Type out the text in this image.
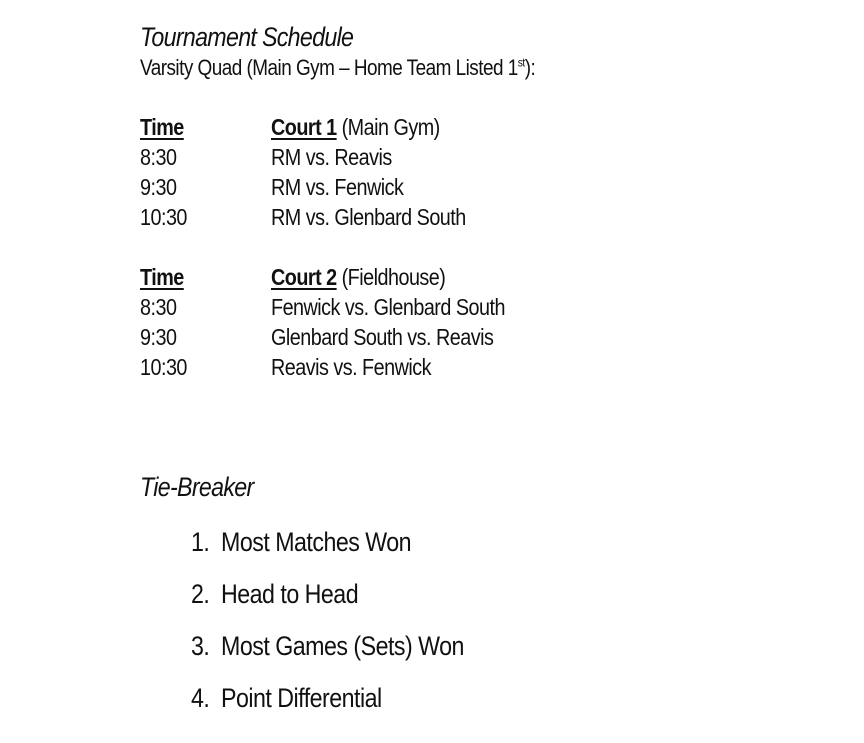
Tournament Schedule
Varsity Quad (Main Gym – Home Team Listed 1st):
Time	Court 1 (Main Gym)
8:30	RM vs. Reavis
9:30	RM vs. Fenwick
10:30	RM vs. Glenbard South
Time	Court 2 (Fieldhouse)
8:30	Fenwick vs. Glenbard South
9:30	Glenbard South vs. Reavis
10:30	Reavis vs. Fenwick
Tie-Breaker
1. Most Matches Won
2. Head to Head
3. Most Games (Sets) Won
4. Point Differential
